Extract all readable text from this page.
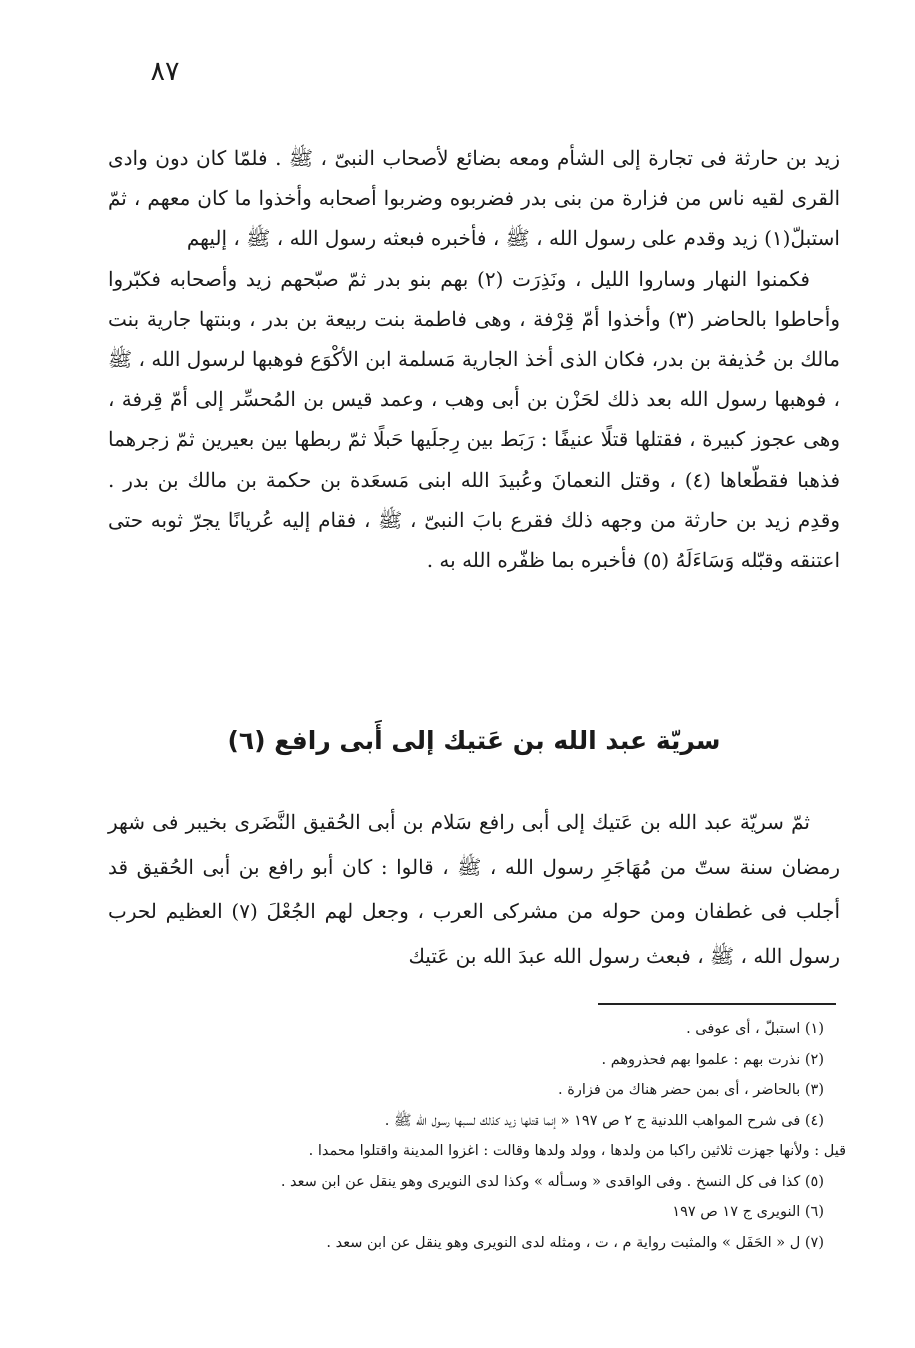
٨٧

زيد بن حارثة فى تجارة إلى الشأم ومعه بضائع لأصحاب النبىّ ، ﷺ . فلمّا كان دون وادى القرى لقيه ناس من فزارة من بنى بدر فضربوه وضربوا أصحابه وأخذوا ما كان معهم ، ثمّ استبلّ(١) زيد وقدم على رسول الله ، ﷺ ، فأخبره فبعثه رسول الله ، ﷺ ، إليهم

فكمنوا النهار وساروا الليل ، ونَذِرَت (٢) بهم بنو بدر ثمّ صبّحهم زيد وأصحابه فكبّروا وأحاطوا بالحاضر (٣) وأخذوا أمّ قِرْفة ، وهى فاطمة بنت ربيعة بن بدر ، وبنتها جارية بنت مالك بن حُذيفة بن بدر، فكان الذى أخذ الجارية مَسلمة ابن الأكْوَع فوهبها لرسول الله ، ﷺ ، فوهبها رسول الله بعد ذلك لحَزْن بن أبى وهب ، وعمد قيس بن المُحسِّر إلى أمّ قِرفة ، وهى عجوز كبيرة ، فقتلها قتلًا عنيفًا : رَبَط بين رِجلَيها حَبلًا ثمّ ربطها بين بعيرين ثمّ زجرهما فذهبا فقطّعاها (٤) ، وقتل النعمانَ وعُبيدَ الله ابنى مَسعَدة بن حكمة بن مالك بن بدر . وقدِم زيد بن حارثة من وجهه ذلك فقرع بابَ النبىّ ، ﷺ ، فقام إليه عُريانًا يجرّ ثوبه حتى اعتنقه وقبّله وَسَاءَلَهُ (٥) فأخبره بما ظفّره الله به .

سريّة عبد الله بن عَتيك إلى أَبى رافع (٦)

ثمّ سريّة عبد الله بن عَتيك إلى أبى رافع سَلام بن أبى الحُقيق النَّضَرى بخيبر فى شهر رمضان سنة ستّ من مُهَاجَرِ رسول الله ، ﷺ ، قالوا : كان أبو رافع بن أبى الحُقيق قد أجلب فى غطفان ومن حوله من مشركى العرب ، وجعل لهم الجُعْلَ (٧) العظيم لحرب رسول الله ، ﷺ ، فبعث رسول الله عبدَ الله بن عَتيك

(١) استبلّ ، أى عوفى .

(٢) نذرت بهم : علموا بهم فحذروهم .

(٣) بالحاضر ، أى بمن حضر هناك من فزارة .

(٤) فى شرح المواهب اللدنية ج ٢ ص ١٩٧ « إنما قتلها زيد كذلك لسبها رسول الله ﷺ .

قيل : ولأنها جهزت ثلاثين راكبا من ولدها ، وولد ولدها وقالت : اغزوا المدينة واقتلوا محمدا .

(٥) كذا فى كل النسخ . وفى الواقدى « وسـأله » وكذا لدى النويرى وهو ينقل عن ابن سعد .

(٦) النويرى ج ١٧ ص ١٩٧

(٧) ل « الحَفَل » والمثبت رواية م ، ت ، ومثله لدى النويرى وهو ينقل عن ابن سعد .
